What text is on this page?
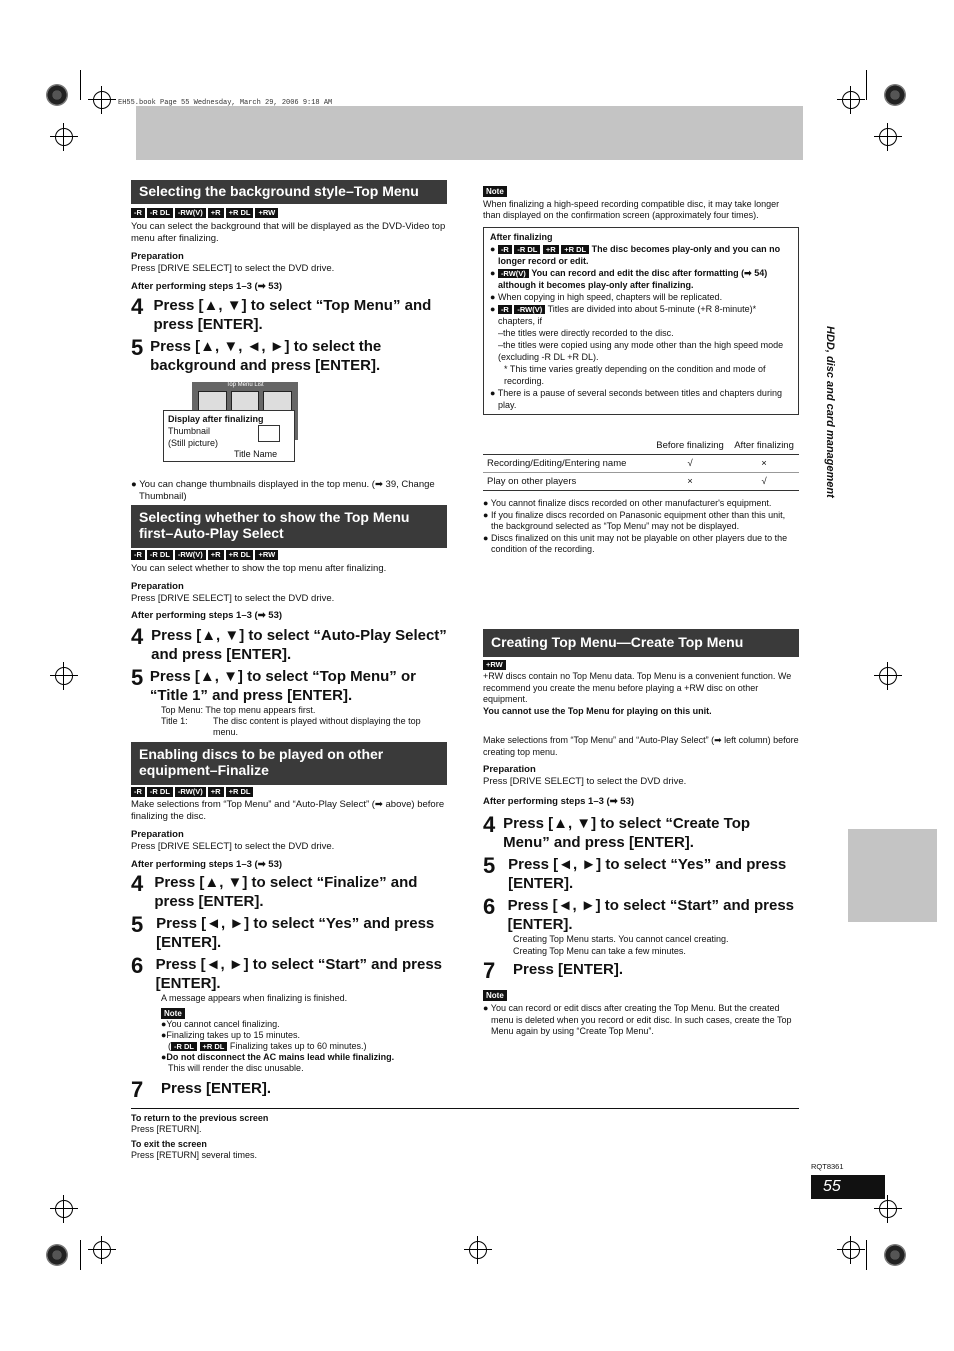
EH55.book Page 55 Wednesday, March 29, 2006 9:18 AM
HDD, disc and card management
Selecting the background style–Top Menu
-R	-R DL	-RW(V)	+R	+R DL	+RW
You can select the background that will be displayed as the DVD-Video top menu after finalizing.
Preparation
Press [DRIVE SELECT] to select the DVD drive.
After performing steps 1–3 (➡ 53)
4 Press [▲, ▼] to select “Top Menu” and press [ENTER].
5 Press [▲, ▼, ◄, ►] to select the background and press [ENTER].
Top Menu List
Display after finalizing
Thumbnail
(Still picture)
Title Name
● You can change thumbnails displayed in the top menu. (➡ 39, Change Thumbnail)
Selecting whether to show the Top Menu first–Auto-Play Select
-R	-R DL	-RW(V)	+R	+R DL	+RW
You can select whether to show the top menu after finalizing.
Preparation
Press [DRIVE SELECT] to select the DVD drive.
After performing steps 1–3 (➡ 53)
4 Press [▲, ▼] to select “Auto-Play Select” and press [ENTER].
5 Press [▲, ▼] to select “Top Menu” or “Title 1” and press [ENTER].
Top Menu: The top menu appears first.
Title 1:	The disc content is played without displaying the top menu.
Enabling discs to be played on other equipment–Finalize
-R	-R DL	-RW(V)	+R	+R DL
Make selections from “Top Menu” and “Auto-Play Select” (➡ above) before finalizing the disc.
Preparation
Press [DRIVE SELECT] to select the DVD drive.
After performing steps 1–3 (➡ 53)
4 Press [▲, ▼] to select “Finalize” and press [ENTER].
5 Press [◄, ►] to select “Yes” and press [ENTER].
6 Press [◄, ►] to select “Start” and press [ENTER].
A message appears when finalizing is finished.
Note
●You cannot cancel finalizing.
●Finalizing takes up to 15 minutes.
( -R DL +R DL Finalizing takes up to 60 minutes.)
●Do not disconnect the AC mains lead while finalizing.
This will render the disc unusable.
7	Press [ENTER].
Note
When finalizing a high-speed recording compatible disc, it may take longer than displayed on the confirmation screen (approximately four times).
After finalizing
● -R -R DL +R +R DL The disc becomes play-only and you can no longer record or edit.
● -RW(V) You can record and edit the disc after formatting (➡ 54) although it becomes play-only after finalizing.
● When copying in high speed, chapters will be replicated.
● -R -RW(V) Titles are divided into about 5-minute (+R 8-minute)* chapters, if
–the titles were directly recorded to the disc.
–the titles were copied using any mode other than the high speed mode (excluding -R DL +R DL).
* This time varies greatly depending on the condition and mode of recording.
● There is a pause of several seconds between titles and chapters during play.
	Before finalizing	After finalizing
Recording/Editing/Entering name	√	×
Play on other players	×	√
● You cannot finalize discs recorded on other manufacturer's equipment.
● If you finalize discs recorded on Panasonic equipment other than this unit, the background selected as “Top Menu” may not be displayed.
● Discs finalized on this unit may not be playable on other players due to the condition of the recording.
Creating Top Menu—Create Top Menu
+RW
+RW discs contain no Top Menu data. Top Menu is a convenient function. We recommend you create the menu before playing a +RW disc on other equipment.
You cannot use the Top Menu for playing on this unit.
Make selections from “Top Menu” and “Auto-Play Select” (➡ left column) before creating top menu.
Preparation
Press [DRIVE SELECT] to select the DVD drive.
After performing steps 1–3 (➡ 53)
4 Press [▲, ▼] to select “Create Top Menu” and press [ENTER].
5 Press [◄, ►] to select “Yes” and press [ENTER].
6 Press [◄, ►] to select “Start” and press [ENTER].
Creating Top Menu starts. You cannot cancel creating.
Creating Top Menu can take a few minutes.
7	Press [ENTER].
Note
● You can record or edit discs after creating the Top Menu. But the created menu is deleted when you record or edit disc. In such cases, create the Top Menu again by using “Create Top Menu”.
To return to the previous screen
Press [RETURN].
To exit the screen
Press [RETURN] several times.
RQT8361
55
